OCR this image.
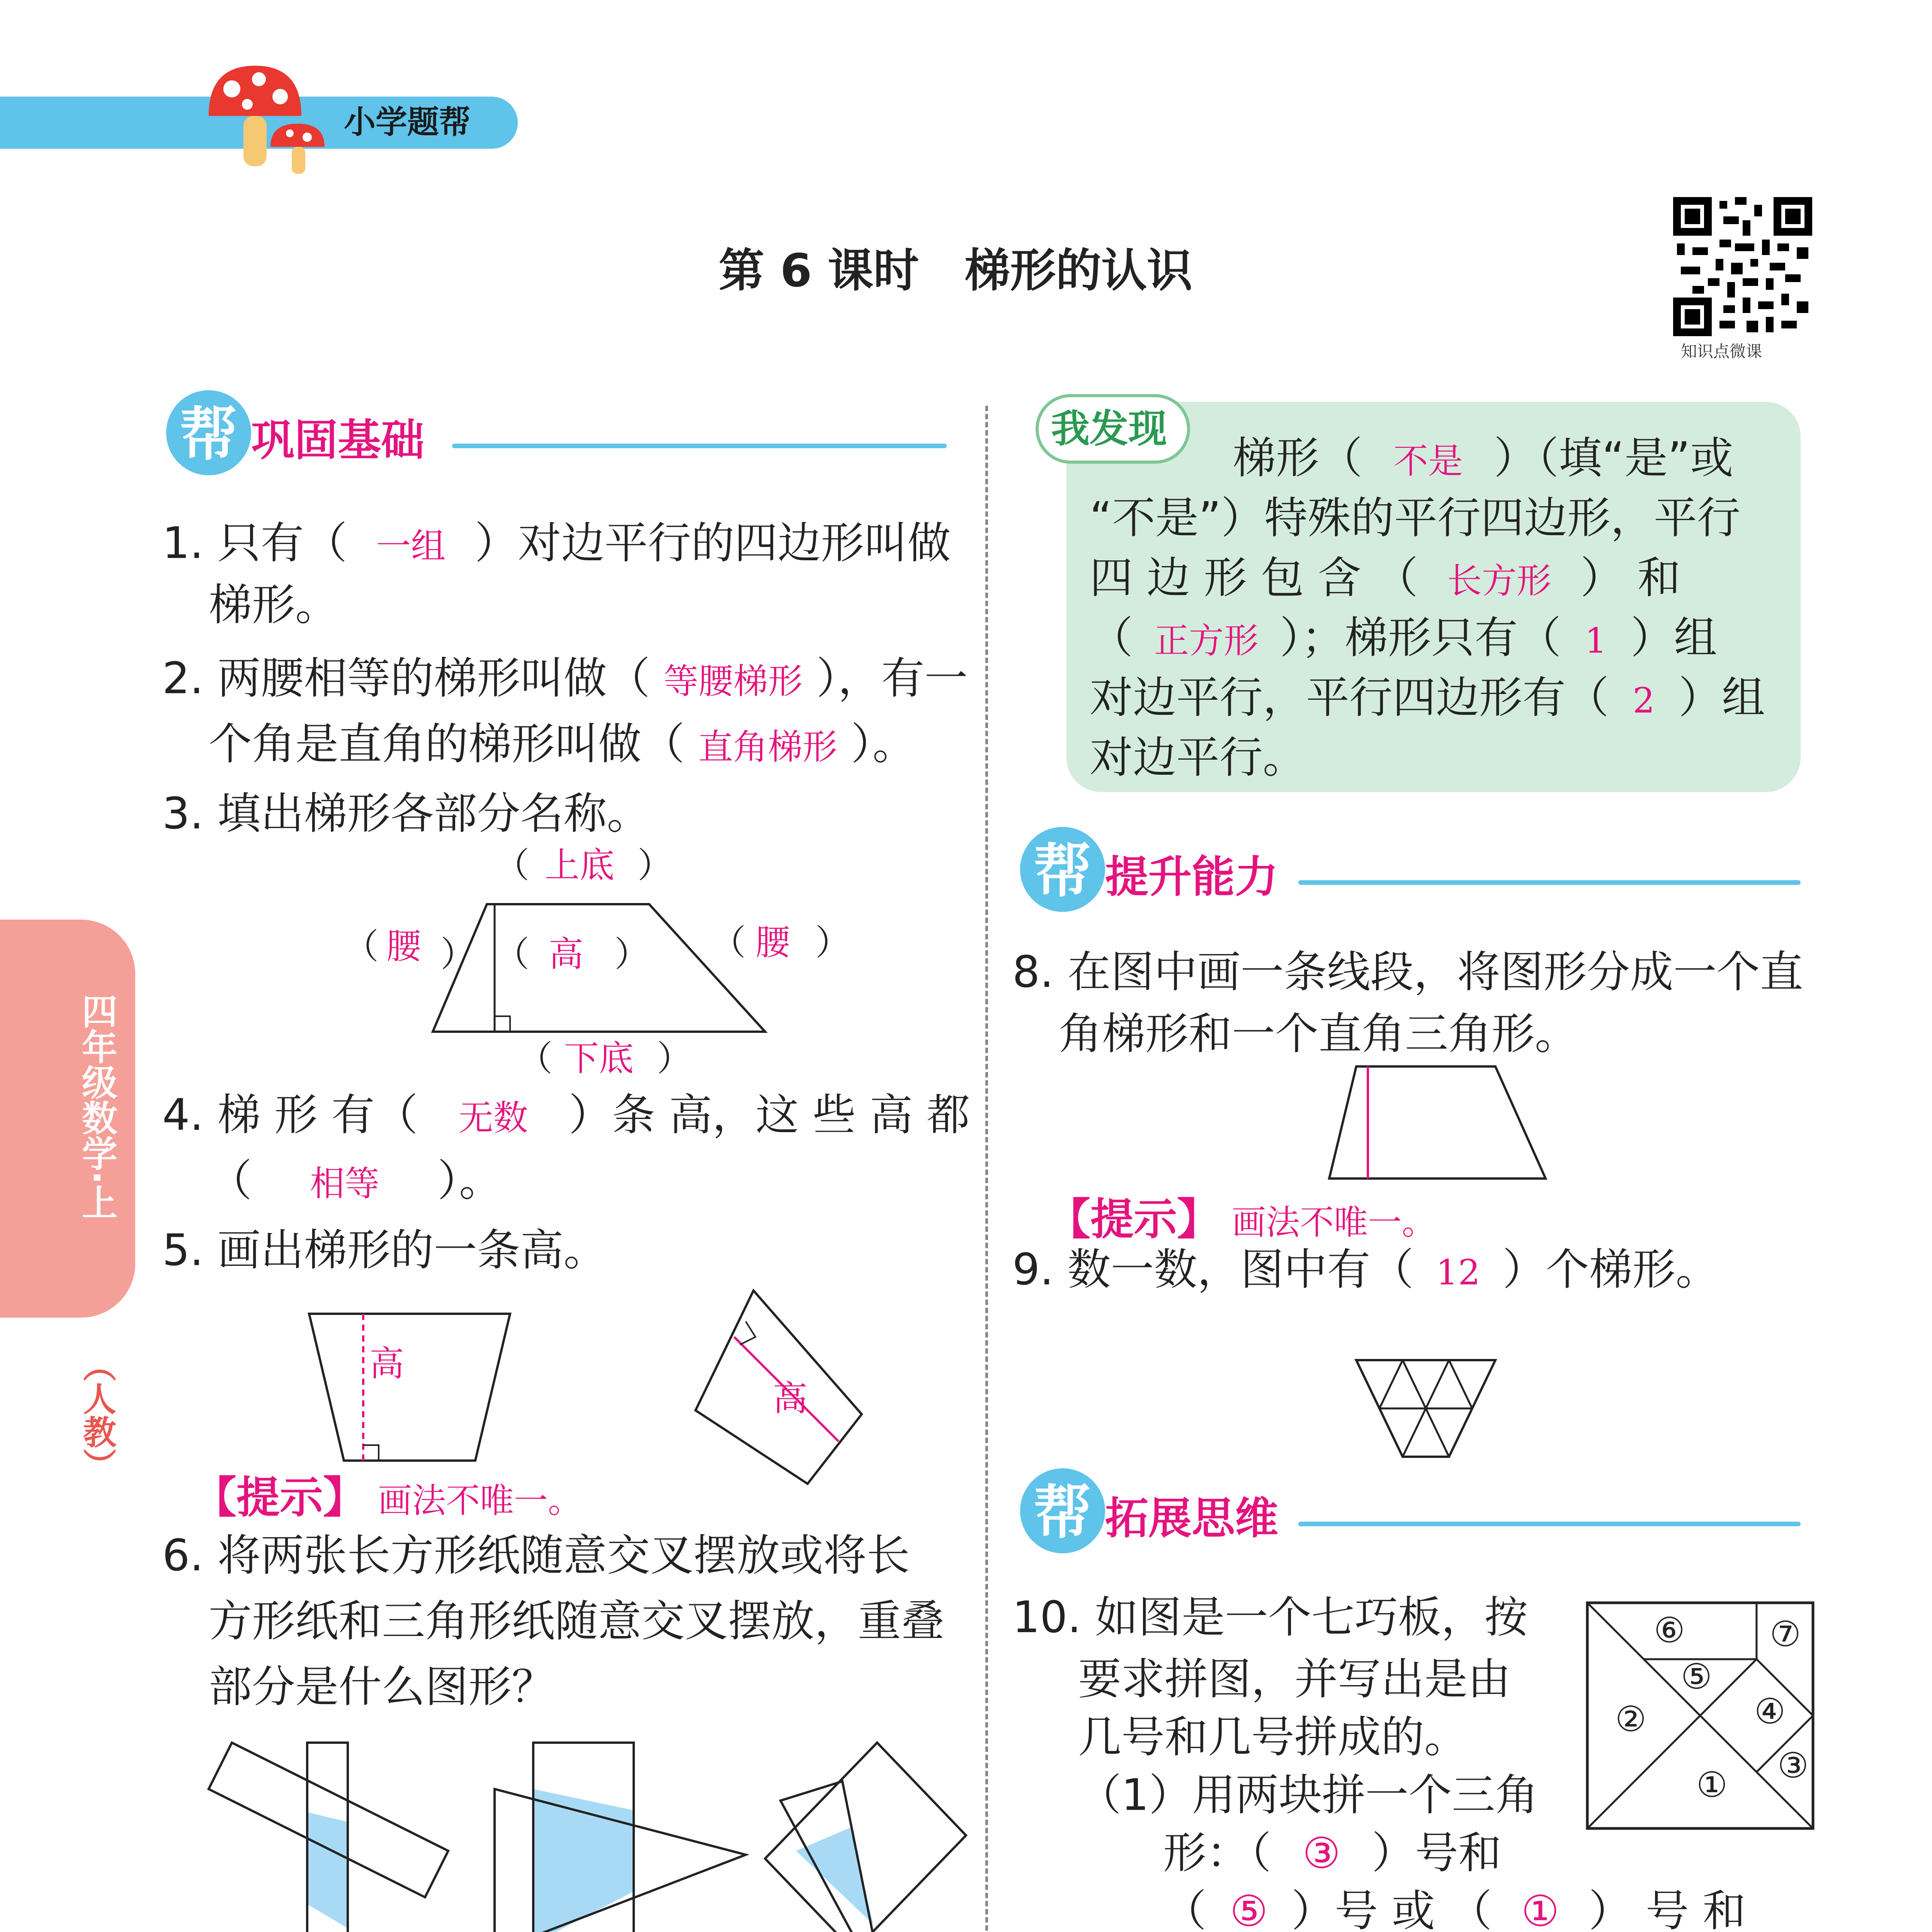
小学题帮
第 6 课时　梯形的认识
知识点微课
四年级数学·上
（人教）
帮 巩固基础
1. 只有（ 一组 ）对边平行的四边形叫做
梯形。
2. 两腰相等的梯形叫做（ 等腰梯形 ），有一
个角是直角的梯形叫做（ 直角梯形 ）。
3. 填出梯形各部分名称。
（ 上底 ）
（ 腰 ） （ 高 ） （ 腰 ）
（ 下底 ）
4. 梯 形 有（ 无数 ）条 高，这 些 高 都
（ 相等 ）。
5. 画出梯形的一条高。
高
高
【提示】 画法不唯一。
6. 将两张长方形纸随意交叉摆放或将长
方形纸和三角形纸随意交叉摆放，重叠
部分是什么图形？
我发现
梯形（ 不是 ）（填“是”或
“不是”）特殊的平行四边形，平行
四 边 形 包 含 （ 长方形 ） 和
（ 正方形 ）；梯形只有（ 1 ）组
对边平行，平行四边形有（ 2 ）组
对边平行。
帮 提升能力
8. 在图中画一条线段，将图形分成一个直
角梯形和一个直角三角形。
【提示】 画法不唯一。
9. 数一数，图中有（ 12 ）个梯形。
帮 拓展思维
10. 如图是一个七巧板，按
要求拼图，并写出是由
几号和几号拼成的。
①
②
③
④
⑤
⑥ ⑦
（1）用两块拼一个三角
形：（ ③ ）号和
（ ⑤ ）号 或 （ ① ） 号 和
